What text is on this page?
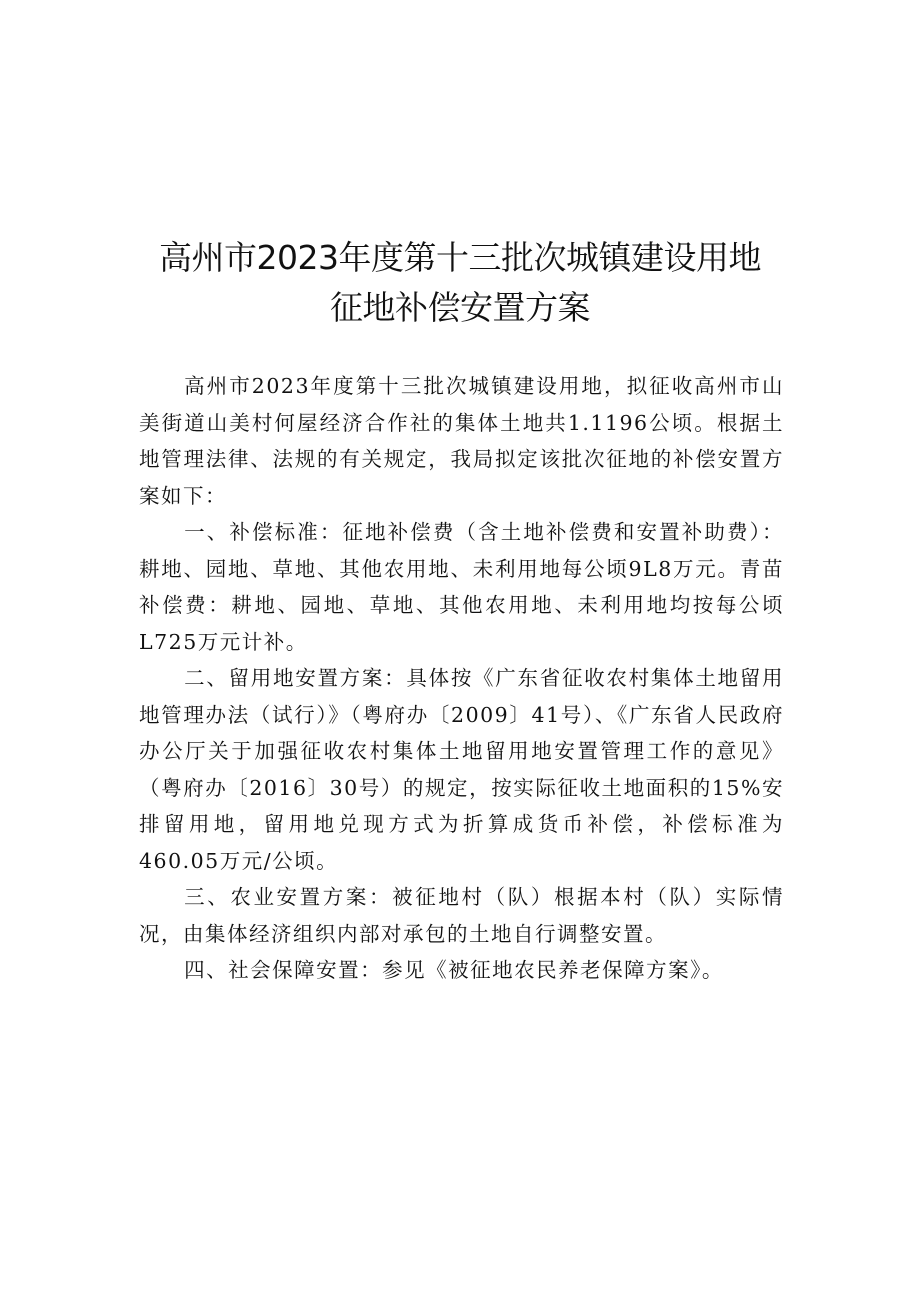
高州市2023年度第十三批次城镇建设用地
征地补偿安置方案

高州市2023年度第十三批次城镇建设用地，拟征收高州市山美街道山美村何屋经济合作社的集体土地共1.1196公顷。根据土地管理法律、法规的有关规定，我局拟定该批次征地的补偿安置方案如下：

一、补偿标准：征地补偿费（含土地补偿费和安置补助费）：耕地、园地、草地、其他农用地、未利用地每公顷9L8万元。青苗补偿费：耕地、园地、草地、其他农用地、未利用地均按每公顷L725万元计补。

二、留用地安置方案：具体按《广东省征收农村集体土地留用地管理办法（试行）》（粤府办〔2009〕41号）、《广东省人民政府办公厅关于加强征收农村集体土地留用地安置管理工作的意见》（粤府办〔2016〕30号）的规定，按实际征收土地面积的15%安排留用地，留用地兑现方式为折算成货币补偿，补偿标准为460.05万元/公顷。

三、农业安置方案：被征地村（队）根据本村（队）实际情况，由集体经济组织内部对承包的土地自行调整安置。

四、社会保障安置：参见《被征地农民养老保障方案》。
